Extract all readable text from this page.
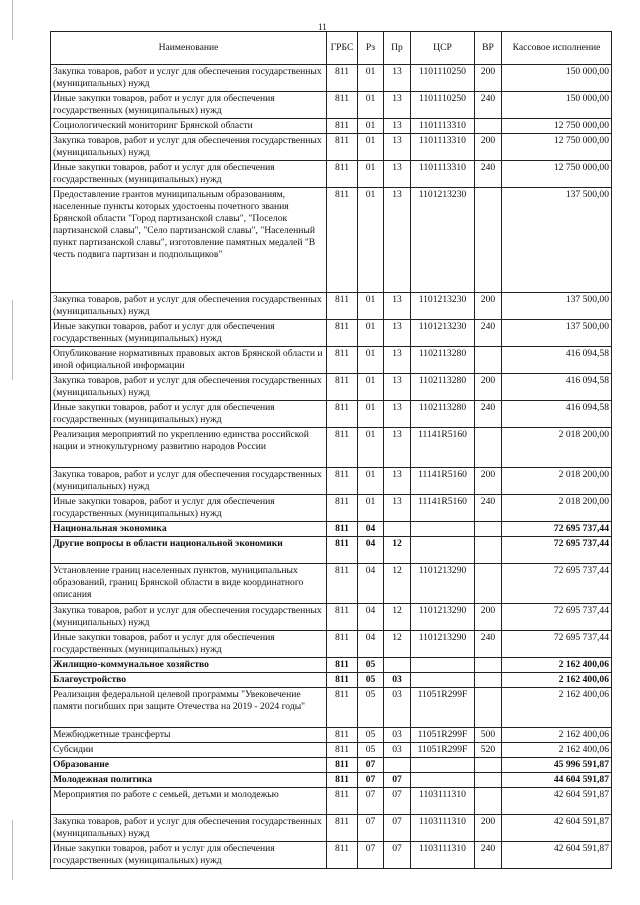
11
Наименование	ГРБС	Рз	Пр	ЦСР	ВР	Кассовое исполнение
Закупка товаров, работ и услуг для обеспечения государственных (муниципальных) нужд	811	01	13	1101110250	200	150 000,00
Иные закупки товаров, работ и услуг для обеспечения государственных (муниципальных) нужд	811	01	13	1101110250	240	150 000,00
Социологический мониторинг Брянской области	811	01	13	1101113310		12 750 000,00
Закупка товаров, работ и услуг для обеспечения государственных (муниципальных) нужд	811	01	13	1101113310	200	12 750 000,00
Иные закупки товаров, работ и услуг для обеспечения государственных (муниципальных) нужд	811	01	13	1101113310	240	12 750 000,00
Предоставление грантов муниципальным образованиям, населенные пункты которых удостоены почетного звания Брянской области "Город партизанской славы", "Поселок партизанской славы", "Село партизанской славы", "Населенный пункт партизанской славы", изготовление памятных медалей "В честь подвига партизан и подпольщиков"	811	01	13	1101213230		137 500,00
Закупка товаров, работ и услуг для обеспечения государственных (муниципальных) нужд	811	01	13	1101213230	200	137 500,00
Иные закупки товаров, работ и услуг для обеспечения государственных (муниципальных) нужд	811	01	13	1101213230	240	137 500,00
Опубликование нормативных правовых актов Брянской области и иной официальной информации	811	01	13	1102113280		416 094,58
Закупка товаров, работ и услуг для обеспечения государственных (муниципальных) нужд	811	01	13	1102113280	200	416 094,58
Иные закупки товаров, работ и услуг для обеспечения государственных (муниципальных) нужд	811	01	13	1102113280	240	416 094,58
Реализация мероприятий по укреплению единства российской нации и этнокультурному развитию народов России	811	01	13	11141R5160		2 018 200,00
Закупка товаров, работ и услуг для обеспечения государственных (муниципальных) нужд	811	01	13	11141R5160	200	2 018 200,00
Иные закупки товаров, работ и услуг для обеспечения государственных (муниципальных) нужд	811	01	13	11141R5160	240	2 018 200,00
Национальная экономика	811	04				72 695 737,44
Другие вопросы в области национальной экономики	811	04	12			72 695 737,44
Установление границ населенных пунктов, муниципальных образований, границ Брянской области в виде координатного описания	811	04	12	1101213290		72 695 737,44
Закупка товаров, работ и услуг для обеспечения государственных (муниципальных) нужд	811	04	12	1101213290	200	72 695 737,44
Иные закупки товаров, работ и услуг для обеспечения государственных (муниципальных) нужд	811	04	12	1101213290	240	72 695 737,44
Жилищно-коммунальное хозяйство	811	05				2 162 400,06
Благоустройство	811	05	03			2 162 400,06
Реализация федеральной целевой программы "Увековечение памяти погибших при защите Отечества на 2019 - 2024 годы"	811	05	03	11051R299F		2 162 400,06
Межбюджетные трансферты	811	05	03	11051R299F	500	2 162 400,06
Субсидии	811	05	03	11051R299F	520	2 162 400,06
Образование	811	07				45 996 591,87
Молодежная политика	811	07	07			44 604 591,87
Мероприятия по работе с семьей, детьми и молодежью	811	07	07	1103111310		42 604 591,87
Закупка товаров, работ и услуг для обеспечения государственных (муниципальных) нужд	811	07	07	1103111310	200	42 604 591,87
Иные закупки товаров, работ и услуг для обеспечения государственных (муниципальных) нужд	811	07	07	1103111310	240	42 604 591,87
